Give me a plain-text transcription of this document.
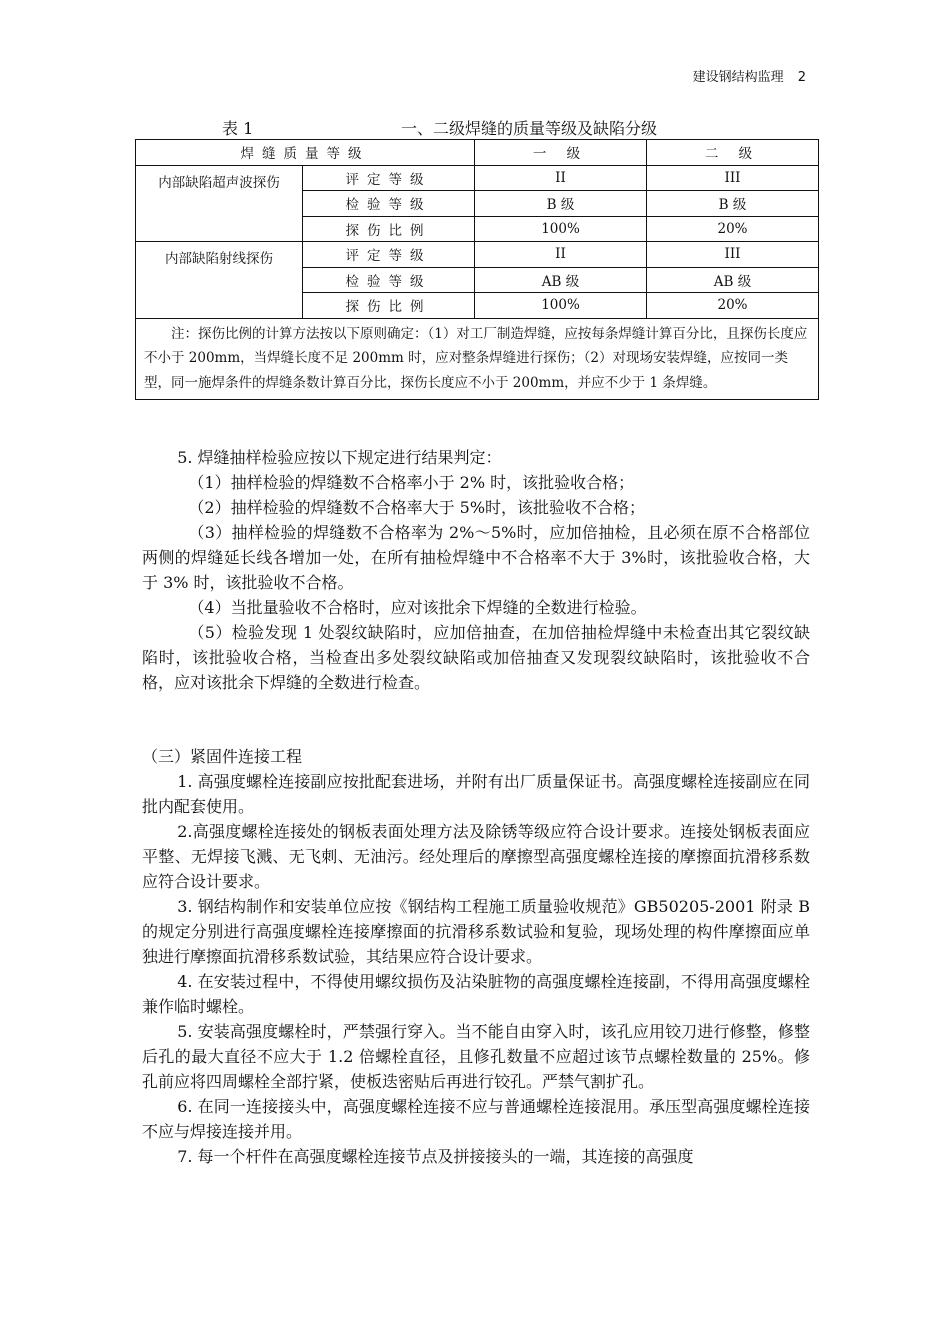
建设钢结构监理 2
表 1	一、二级焊缝的质量等级及缺陷分级
焊缝质量等级		一 级	二 级
内部缺陷超声波探伤	评定等级	II	III
	检验等级	B 级	B 级
	探伤比例	100%	20%
内部缺陷射线探伤	评定等级	II	III
	检验等级	AB 级	AB 级
	探伤比例	100%	20%
注：探伤比例的计算方法按以下原则确定：（1）对工厂制造焊缝，应按每条焊缝计算百分比，且探伤长度应不小于 200mm，当焊缝长度不足 200mm 时，应对整条焊缝进行探伤；（2）对现场安装焊缝，应按同一类型，同一施焊条件的焊缝条数计算百分比，探伤长度应不小于 200mm，并应不少于 1 条焊缝。			

5. 焊缝抽样检验应按以下规定进行结果判定：

（1）抽样检验的焊缝数不合格率小于 2% 时，该批验收合格；

（2）抽样检验的焊缝数不合格率大于 5%时，该批验收不合格；

（3）抽样检验的焊缝数不合格率为 2%～5%时，应加倍抽检，且必须在原不合格部位两侧的焊缝延长线各增加一处，在所有抽检焊缝中不合格率不大于 3%时，该批验收合格，大于 3% 时，该批验收不合格。

（4）当批量验收不合格时，应对该批余下焊缝的全数进行检验。

（5）检验发现 1 处裂纹缺陷时，应加倍抽查，在加倍抽检焊缝中未检查出其它裂纹缺陷时，该批验收合格，当检查出多处裂纹缺陷或加倍抽查又发现裂纹缺陷时，该批验收不合格，应对该批余下焊缝的全数进行检查。

（三）紧固件连接工程

1. 高强度螺栓连接副应按批配套进场，并附有出厂质量保证书。高强度螺栓连接副应在同批内配套使用。

2.高强度螺栓连接处的钢板表面处理方法及除锈等级应符合设计要求。连接处钢板表面应平整、无焊接飞溅、无飞刺、无油污。经处理后的摩擦型高强度螺栓连接的摩擦面抗滑移系数应符合设计要求。

3. 钢结构制作和安装单位应按《钢结构工程施工质量验收规范》GB50205-2001 附录 B 的规定分别进行高强度螺栓连接摩擦面的抗滑移系数试验和复验，现场处理的构件摩擦面应单独进行摩擦面抗滑移系数试验，其结果应符合设计要求。

4. 在安装过程中，不得使用螺纹损伤及沾染脏物的高强度螺栓连接副，不得用高强度螺栓兼作临时螺栓。

5. 安装高强度螺栓时，严禁强行穿入。当不能自由穿入时，该孔应用铰刀进行修整，修整后孔的最大直径不应大于 1.2 倍螺栓直径，且修孔数量不应超过该节点螺栓数量的 25%。修孔前应将四周螺栓全部拧紧，使板迭密贴后再进行铰孔。严禁气割扩孔。

6. 在同一连接接头中，高强度螺栓连接不应与普通螺栓连接混用。承压型高强度螺栓连接不应与焊接连接并用。

7. 每一个杆件在高强度螺栓连接节点及拼接接头的一端，其连接的高强度
